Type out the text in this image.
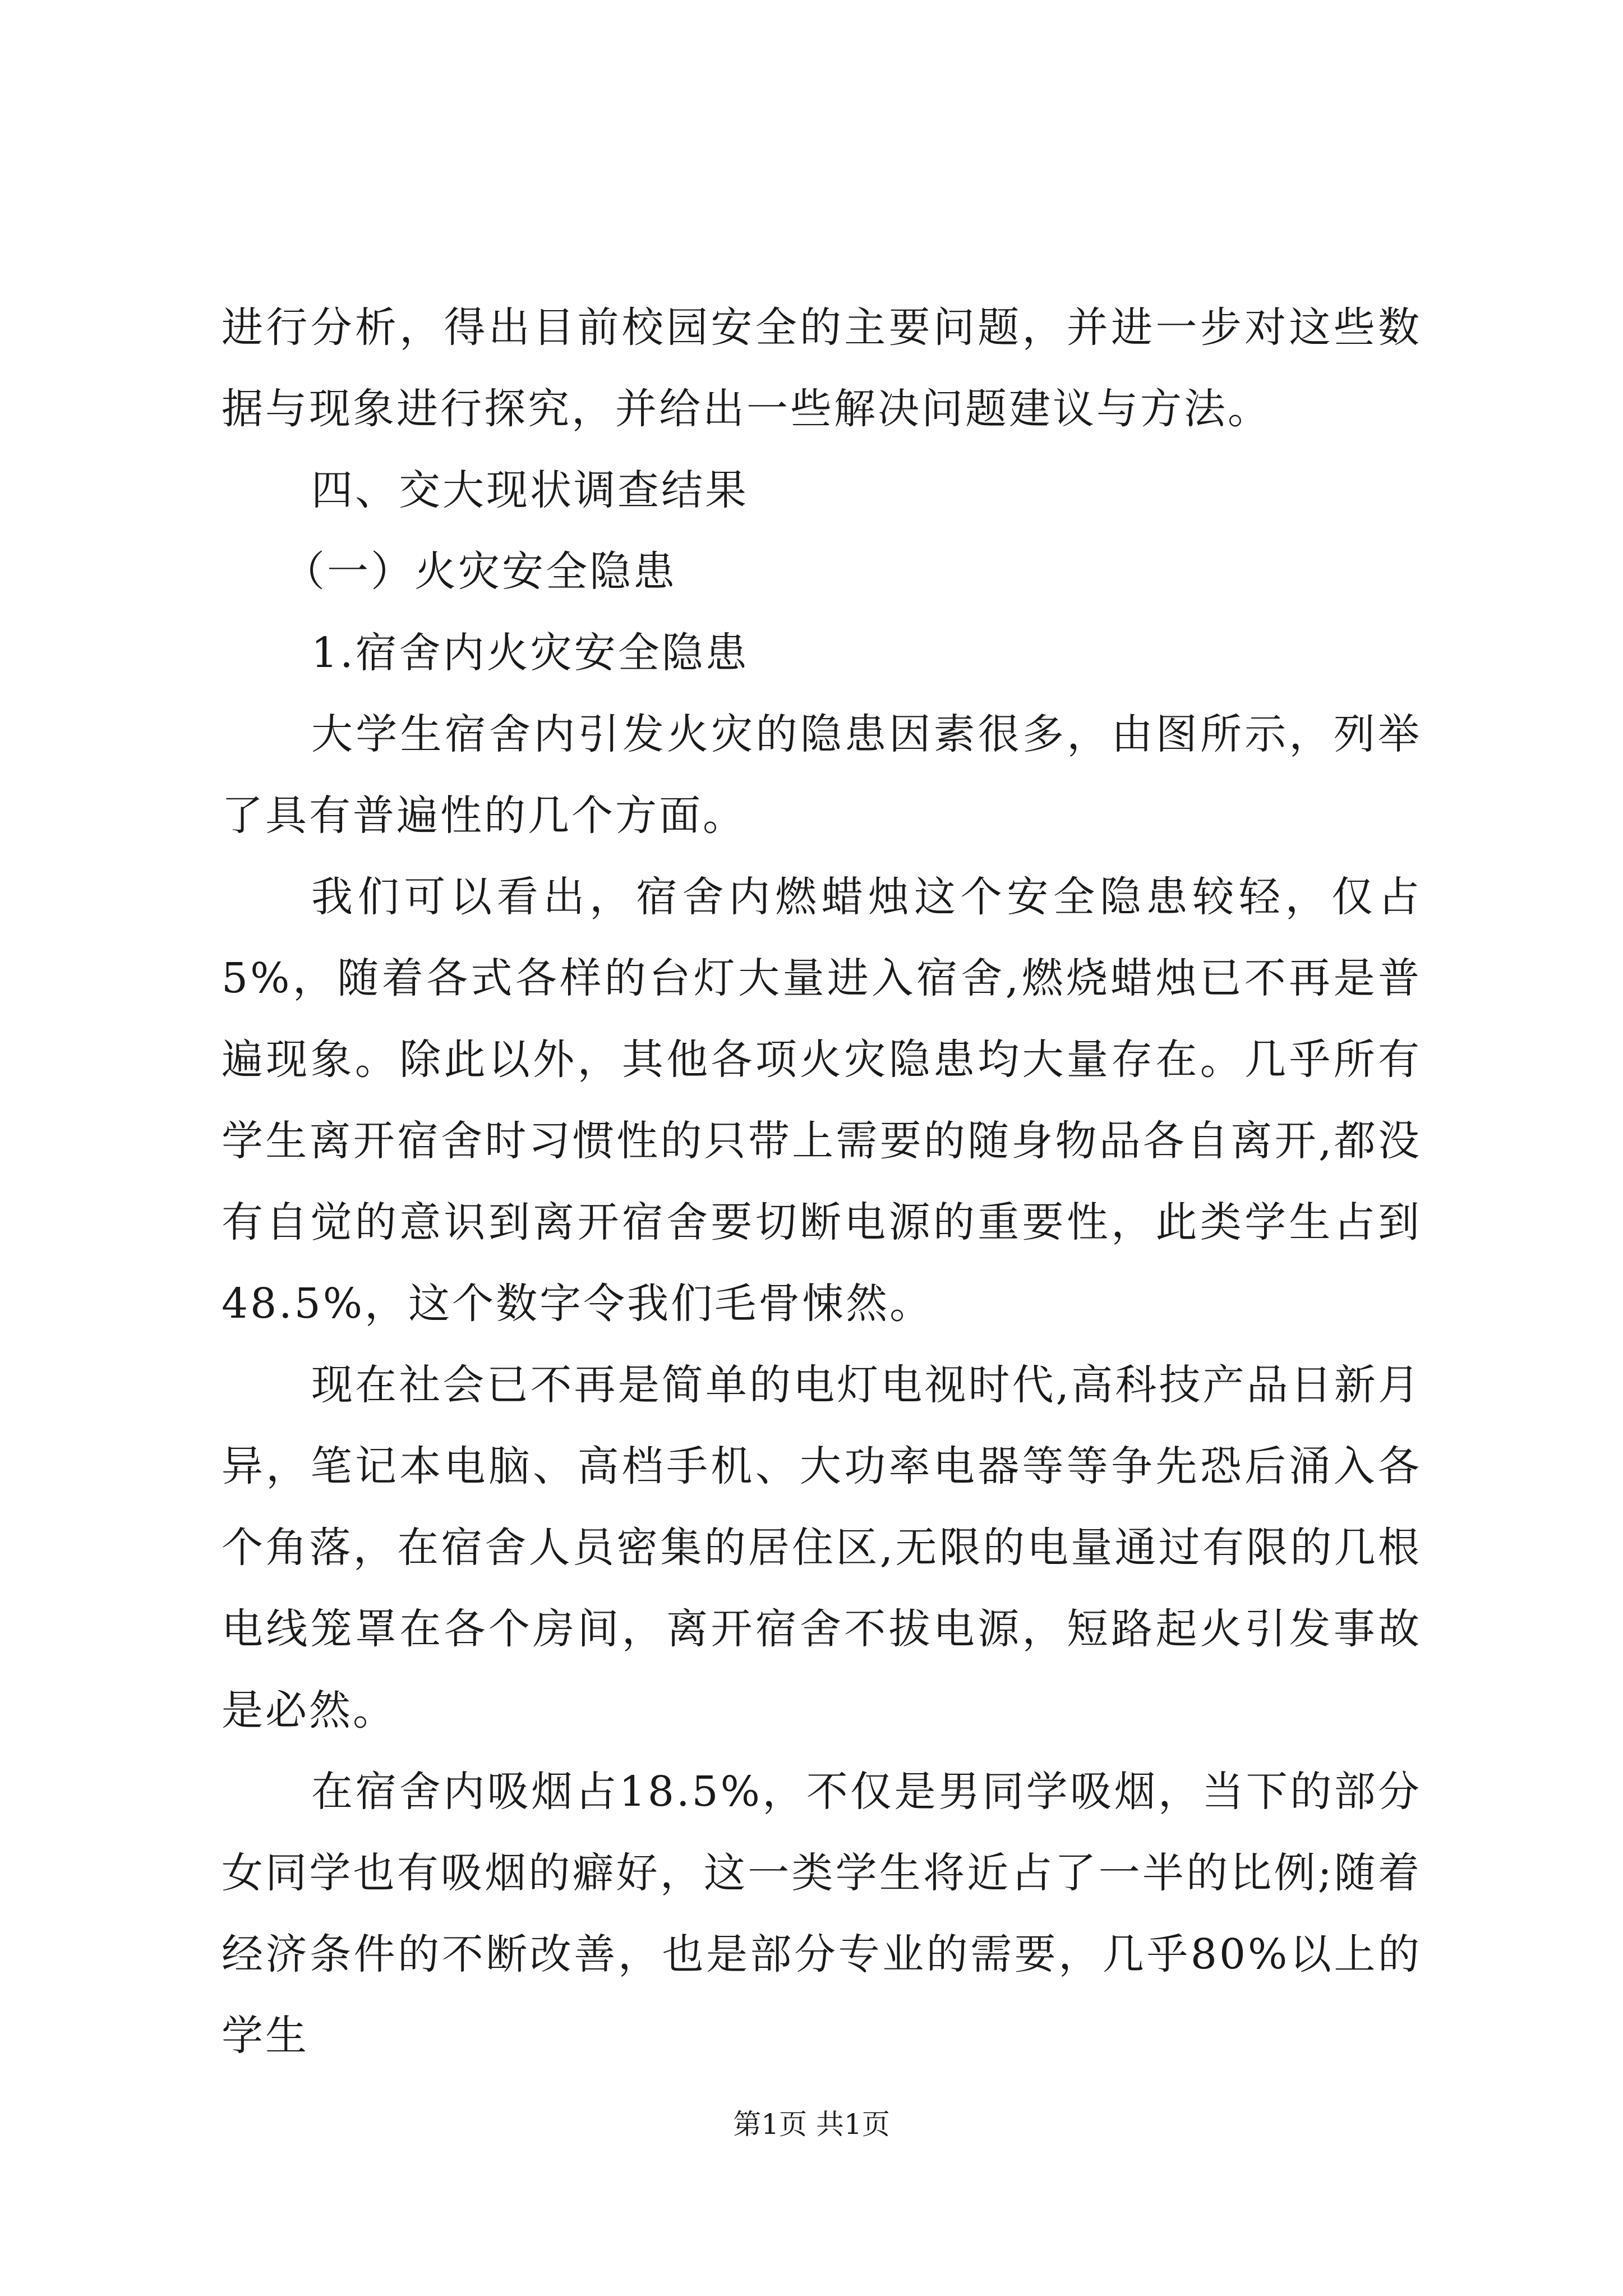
进行分析，得出目前校园安全的主要问题，并进一步对这些数据与现象进行探究，并给出一些解决问题建议与方法。

四、交大现状调查结果

（一）火灾安全隐患

1.宿舍内火灾安全隐患

大学生宿舍内引发火灾的隐患因素很多，由图所示，列举了具有普遍性的几个方面。

我们可以看出，宿舍内燃蜡烛这个安全隐患较轻，仅占5%，随着各式各样的台灯大量进入宿舍,燃烧蜡烛已不再是普遍现象。除此以外，其他各项火灾隐患均大量存在。几乎所有学生离开宿舍时习惯性的只带上需要的随身物品各自离开,都没有自觉的意识到离开宿舍要切断电源的重要性，此类学生占到48.5%，这个数字令我们毛骨悚然。

现在社会已不再是简单的电灯电视时代,高科技产品日新月异，笔记本电脑、高档手机、大功率电器等等争先恐后涌入各个角落，在宿舍人员密集的居住区,无限的电量通过有限的几根电线笼罩在各个房间，离开宿舍不拔电源，短路起火引发事故是必然。

在宿舍内吸烟占18.5%，不仅是男同学吸烟，当下的部分女同学也有吸烟的癖好，这一类学生将近占了一半的比例;随着经济条件的不断改善，也是部分专业的需要，几乎80%以上的学生

第1页 共1页
